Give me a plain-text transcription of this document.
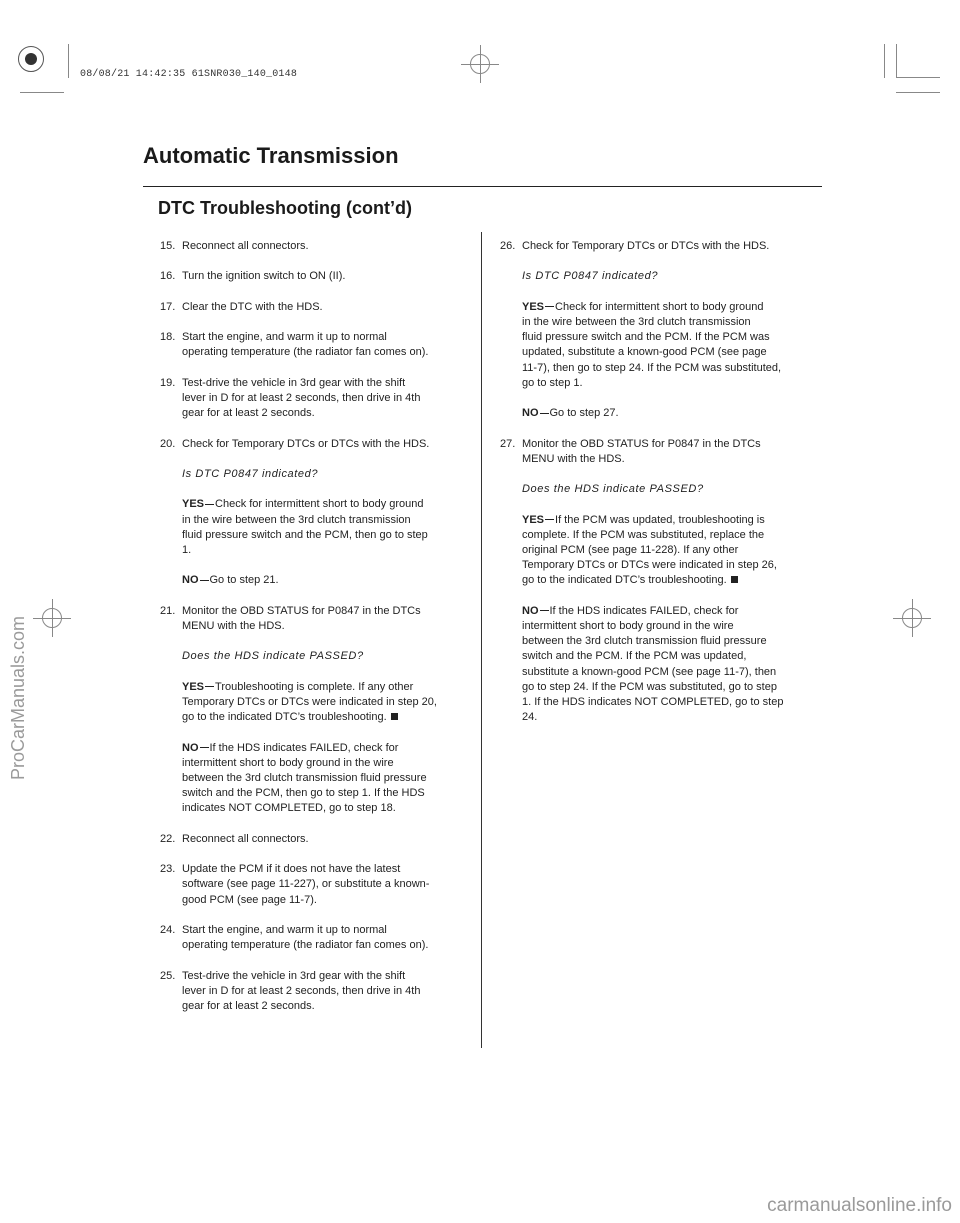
08/08/21 14:42:35 61SNR030_140_0148
Automatic Transmission
DTC Troubleshooting (cont’d)
15. Reconnect all connectors.
16. Turn the ignition switch to ON (II).
17. Clear the DTC with the HDS.
18. Start the engine, and warm it up to normal
operating temperature (the radiator fan comes on).
19. Test-drive the vehicle in 3rd gear with the shift
lever in D for at least 2 seconds, then drive in 4th
gear for at least 2 seconds.
20. Check for Temporary DTCs or DTCs with the HDS.
Is DTC P0847 indicated?
YES Check for intermittent short to body ground
in the wire between the 3rd clutch transmission
fluid pressure switch and the PCM, then go to step
1.
NO Go to step 21.
21. Monitor the OBD STATUS for P0847 in the DTCs
MENU with the HDS.
Does the HDS indicate PASSED?
YES Troubleshooting is complete. If any other
Temporary DTCs or DTCs were indicated in step 20,
go to the indicated DTC’s troubleshooting.
NO If the HDS indicates FAILED, check for
intermittent short to body ground in the wire
between the 3rd clutch transmission fluid pressure
switch and the PCM, then go to step 1. If the HDS
indicates NOT COMPLETED, go to step 18.
22. Reconnect all connectors.
23. Update the PCM if it does not have the latest
software (see page 11-227), or substitute a known-
good PCM (see page 11-7).
24. Start the engine, and warm it up to normal
operating temperature (the radiator fan comes on).
25. Test-drive the vehicle in 3rd gear with the shift
lever in D for at least 2 seconds, then drive in 4th
gear for at least 2 seconds.
26. Check for Temporary DTCs or DTCs with the HDS.
Is DTC P0847 indicated?
YES Check for intermittent short to body ground
in the wire between the 3rd clutch transmission
fluid pressure switch and the PCM. If the PCM was
updated, substitute a known-good PCM (see page
11-7), then go to step 24. If the PCM was substituted,
go to step 1.
NO Go to step 27.
27. Monitor the OBD STATUS for P0847 in the DTCs
MENU with the HDS.
Does the HDS indicate PASSED?
YES If the PCM was updated, troubleshooting is
complete. If the PCM was substituted, replace the
original PCM (see page 11-228). If any other
Temporary DTCs or DTCs were indicated in step 26,
go to the indicated DTC’s troubleshooting.
NO If the HDS indicates FAILED, check for
intermittent short to body ground in the wire
between the 3rd clutch transmission fluid pressure
switch and the PCM. If the PCM was updated,
substitute a known-good PCM (see page 11-7), then
go to step 24. If the PCM was substituted, go to step
1. If the HDS indicates NOT COMPLETED, go to step
24.
ProCarManuals.com
carmanualsonline.info
